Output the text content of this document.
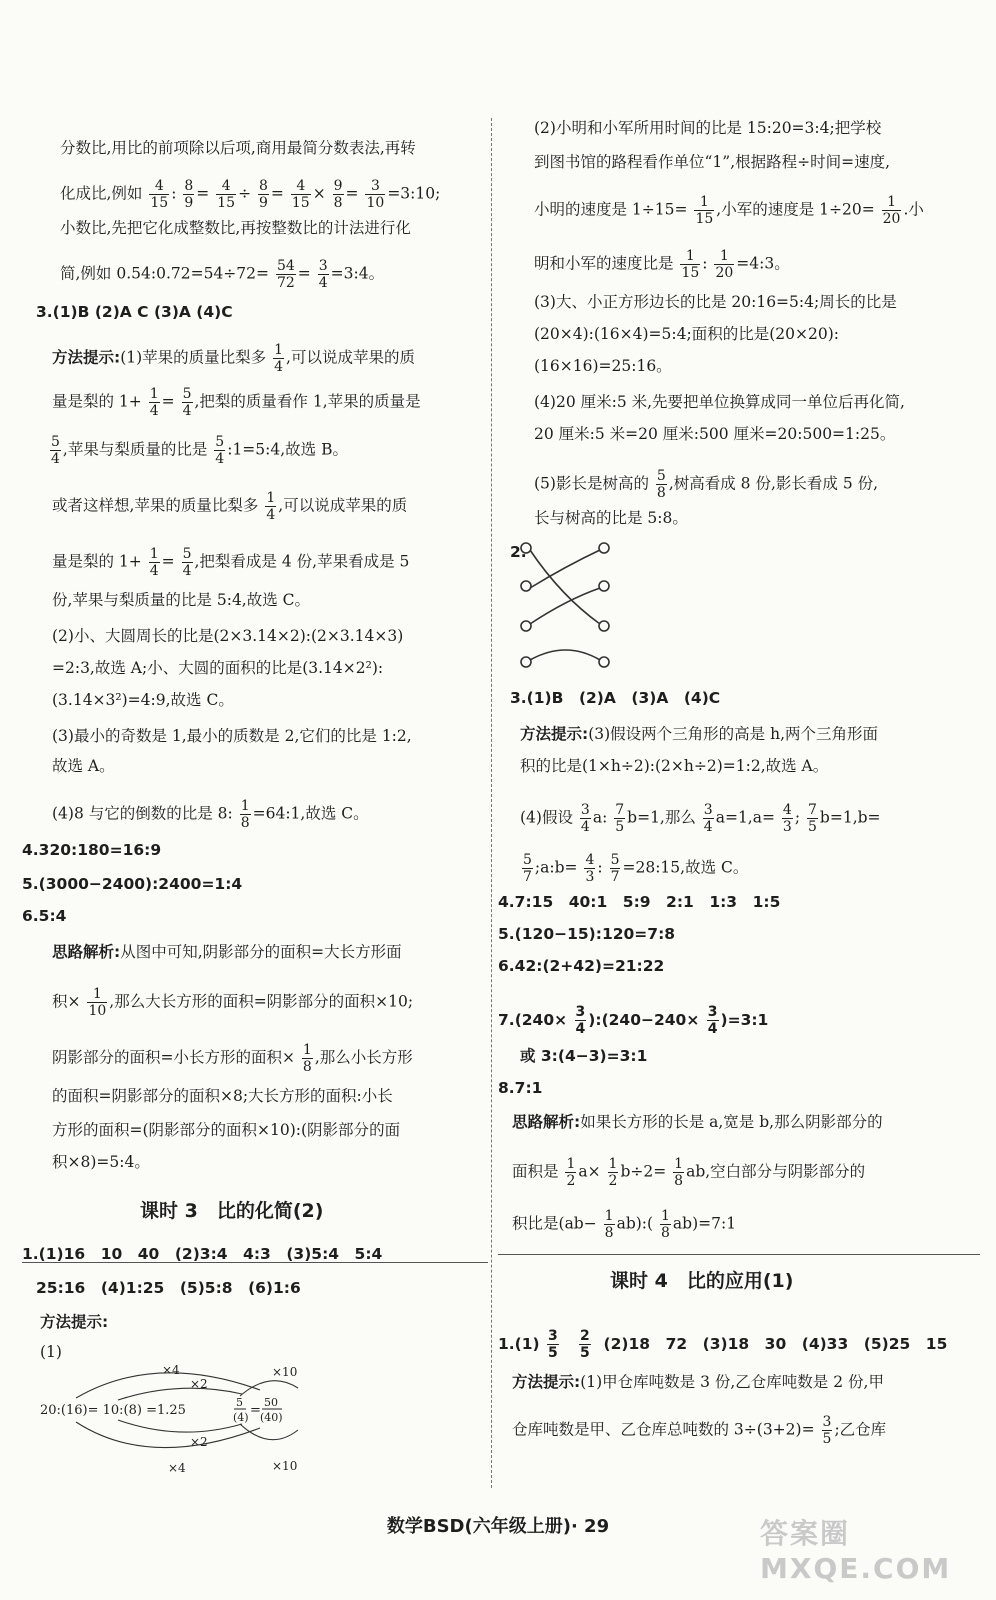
分数比,用比的前项除以后项,商用最简分数表法,再转
化成比,例如 $\frac{4}{15}$ : $\frac{8}{9} = \frac{4}{15} \div \frac{8}{9} = \frac{4}{15} \times \frac{9}{8} = \frac{3}{10}$ =3:10;
小数比,先把它化成整数比,再按整数比的计法进行化
简,例如 0.54:0.72=54÷72= $\frac{54}{72} = \frac{3}{4}$ =3:4。
3.(1)B (2)A C (3)A (4)C
方法提示:(1)苹果的质量比梨多 $\frac{1}{4}$ ,可以说成苹果的质
量是梨的 $1+ \frac{1}{4} = \frac{5}{4}$ ,把梨的质量看作 1,苹果的质量是
$\frac{5}{4}$ ,苹果与梨质量的比是 $\frac{5}{4}$ :1=5:4,故选 B。
或者这样想,苹果的质量比梨多 $\frac{1}{4}$ ,可以说成苹果的质
量是梨的 $1+ \frac{1}{4} = \frac{5}{4}$ ,把梨看成是 4 份,苹果看成是 5
份,苹果与梨质量的比是 5:4,故选 C。
(2)小、大圆周长的比是(2×3.14×2):(2×3.14×3)
=2:3,故选 A;小、大圆的面积的比是(3.14×2²):
(3.14×3²)=4:9,故选 C。
(3)最小的奇数是 1,最小的质数是 2,它们的比是 1:2,
故选 A。
(4)8 与它的倒数的比是 8: $\frac{1}{8}$ =64:1,故选 C。
4.320:180=16:9
5.(3000−2400):2400=1:4
6.5:4
思路解析:从图中可知,阴影部分的面积=大长方形面
积× $\frac{1}{10}$ ,那么大长方形的面积=阴影部分的面积×10;
阴影部分的面积=小长方形的面积× $\frac{1}{8}$ ,那么小长方形
的面积=阴影部分的面积×8;大长方形的面积:小长
方形的面积=(阴影部分的面积×10):(阴影部分的面
积×8)=5:4。
课时 3　比的化简(2)
1.(1)16　10　40　(2)3:4　4:3　(3)5:4　5:4
25:16　(4)1:25　(5)5:8　(6)1:6
方法提示:
(1)
×4
×2
×10
×2
×4	×10
20:(16)= 10:(8) =1.25
5
(4) =
50
(40)
(2)小明和小军所用时间的比是 15:20=3:4;把学校
到图书馆的路程看作单位“1”,根据路程÷时间=速度,
小明的速度是 $1\div 15= \frac{1}{15}$ ,小军的速度是 $1\div 20= \frac{1}{20}$ .小
明和小军的速度比是 $\frac{1}{15}$ : $\frac{1}{20}$ =4:3。
(3)大、小正方形边长的比是 20:16=5:4;周长的比是
(20×4):(16×4)=5:4;面积的比是(20×20):
(16×16)=25:16。
(4)20 厘米:5 米,先要把单位换算成同一单位后再化简,
20 厘米:5 米=20 厘米:500 厘米=20:500=1:25。
(5)影长是树高的 $\frac{5}{8}$ ,树高看成 8 份,影长看成 5 份,
长与树高的比是 5:8。
2.
3.(1)B　(2)A　(3)A　(4)C
方法提示:(3)假设两个三角形的高是 h,两个三角形面
积的比是(1×h÷2):(2×h÷2)=1:2,故选 A。
(4)假设 $\frac{3}{4} a$: $\frac{7}{5} b=1$,那么 $\frac{3}{4} a=1,a= \frac{4}{3}$ ; $\frac{7}{5} b=1,b=$
$\frac{5}{7}$ ;a:b= $\frac{4}{3}$ : $\frac{5}{7}$ =28:15,故选 C。
4.7:15　40:1　5:9　2:1　1:3　1:5
5.(120−15):120=7:8
6.42:(2+42)=21:22
$7.(240\times \frac{3}{4}$ ):(240−240× $\frac{3}{4}$ )=3:1
或 3:(4−3)=3:1
8.7:1
思路解析:如果长方形的长是 a,宽是 b,那么阴影部分的
面积是 $\frac{1}{2} a\times \frac{1}{2} b\div 2= \frac{1}{8}$ ab,空白部分与阴影部分的
积比是($ab- \frac{1}{8}$ ab):( $\frac{1}{8}$ ab)=7:1
课时 4　比的应用(1)
$1.(1) \frac{3}{5}$
$\frac{2}{5} (2)18$　72　(3)18　30　(4)33　(5)25　15
方法提示:(1)甲仓库吨数是 3 份,乙仓库吨数是 2 份,甲
仓库吨数是甲、乙仓库总吨数的 $3\div(3+2)= \frac{3}{5}$ ;乙仓库
数学BSD(六年级上册)· 29	答案圈 MXQE.COM
